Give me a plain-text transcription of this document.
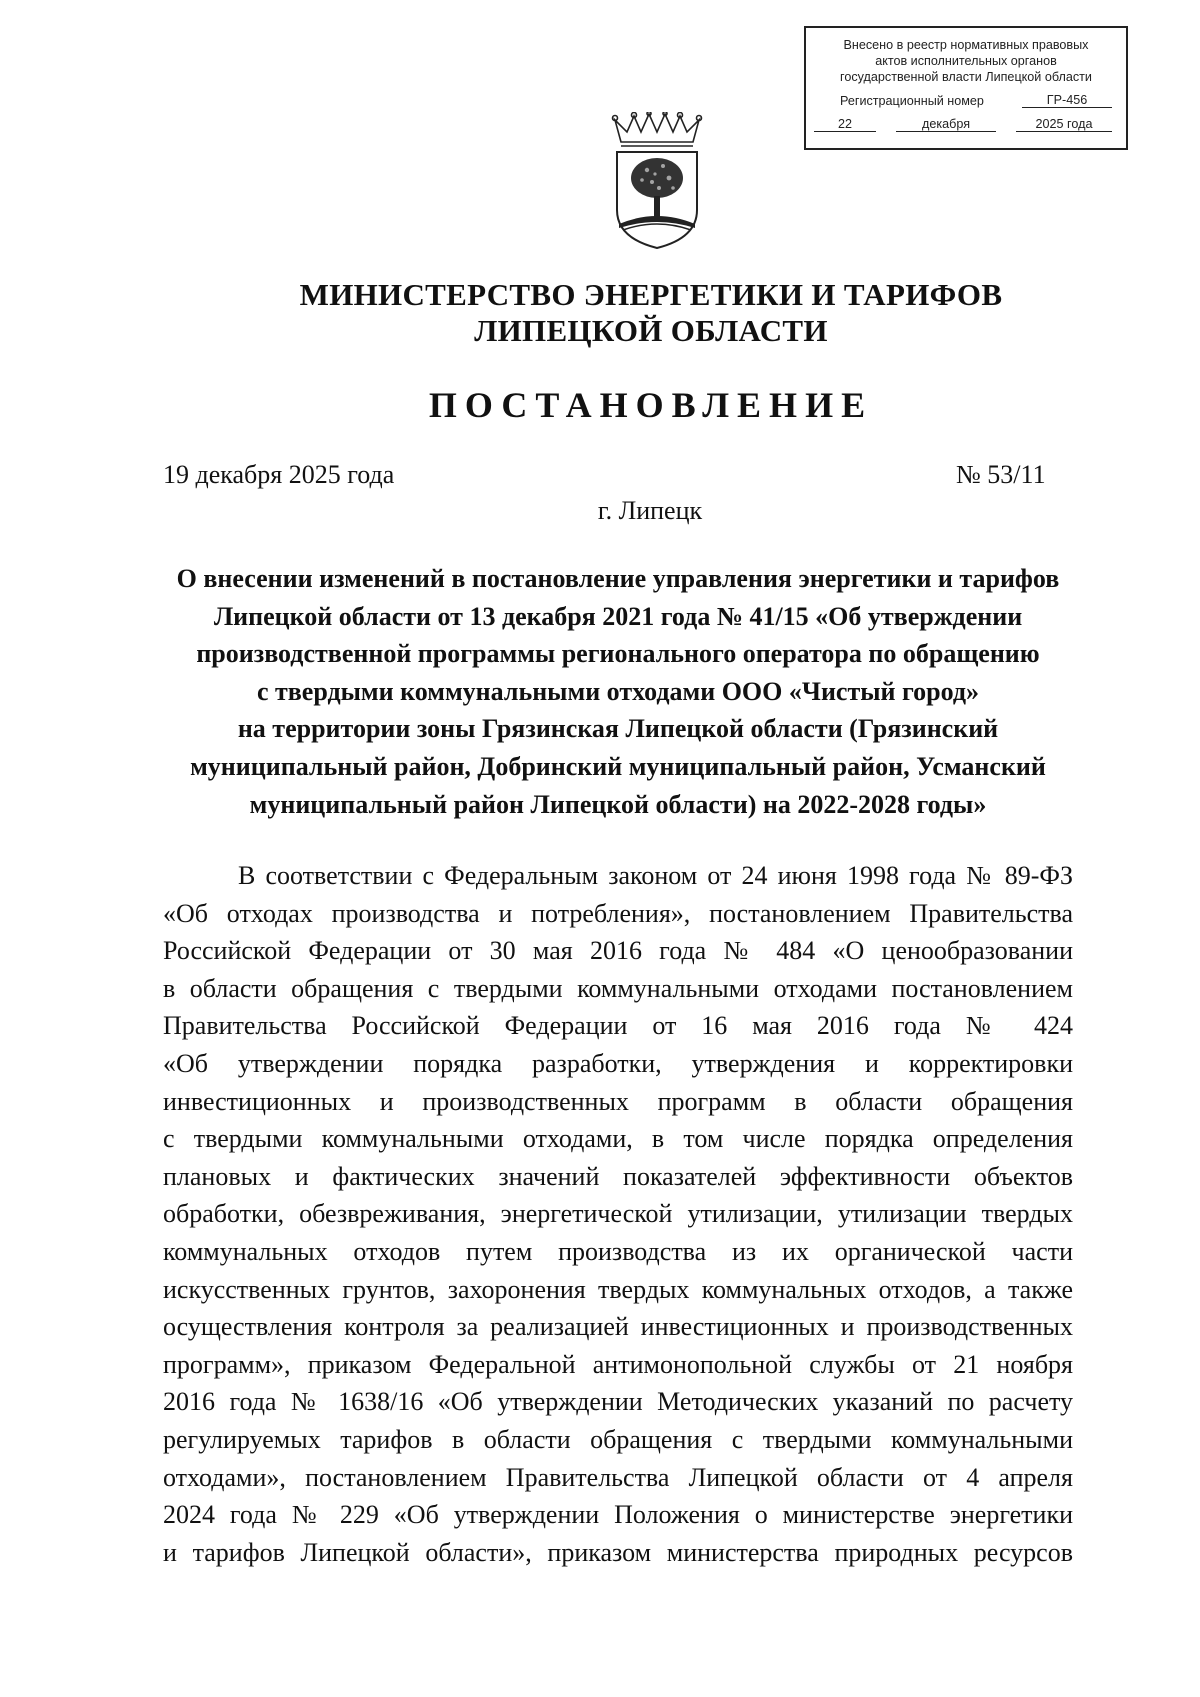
Внесено в реестр нормативных правовых
актов исполнительных органов
государственной власти Липецкой области
Регистрационный номер	ГР-456
22	декабря	2025 года
МИНИСТЕРСТВО ЭНЕРГЕТИКИ И ТАРИФОВ
ЛИПЕЦКОЙ ОБЛАСТИ
ПОСТАНОВЛЕНИЕ
19 декабря 2025 года	№ 53/11
г. Липецк
О внесении изменений в постановление управления энергетики и тарифов
Липецкой области от 13 декабря 2021 года № 41/15 «Об утверждении
производственной программы регионального оператора по обращению
с твердыми коммунальными отходами ООО «Чистый город»
на территории зоны Грязинская Липецкой области (Грязинский
муниципальный район, Добринский муниципальный район, Усманский
муниципальный район Липецкой области) на 2022-2028 годы»
В соответствии с Федеральным законом от 24 июня 1998 года № 89-ФЗ
«Об отходах производства и потребления», постановлением Правительства
Российской Федерации от 30 мая 2016 года № 484 «О ценообразовании
в области обращения с твердыми коммунальными отходами постановлением
Правительства Российской Федерации от 16 мая 2016 года № 424
«Об утверждении порядка разработки, утверждения и корректировки
инвестиционных и производственных программ в области обращения
с твердыми коммунальными отходами, в том числе порядка определения
плановых и фактических значений показателей эффективности объектов
обработки, обезвреживания, энергетической утилизации, утилизации твердых
коммунальных отходов путем производства из их органической части
искусственных грунтов, захоронения твердых коммунальных отходов, а также
осуществления контроля за реализацией инвестиционных и производственных
программ», приказом Федеральной антимонопольной службы от 21 ноября
2016 года № 1638/16 «Об утверждении Методических указаний по расчету
регулируемых тарифов в области обращения с твердыми коммунальными
отходами», постановлением Правительства Липецкой области от 4 апреля
2024 года № 229 «Об утверждении Положения о министерстве энергетики
и тарифов Липецкой области», приказом министерства природных ресурсов
